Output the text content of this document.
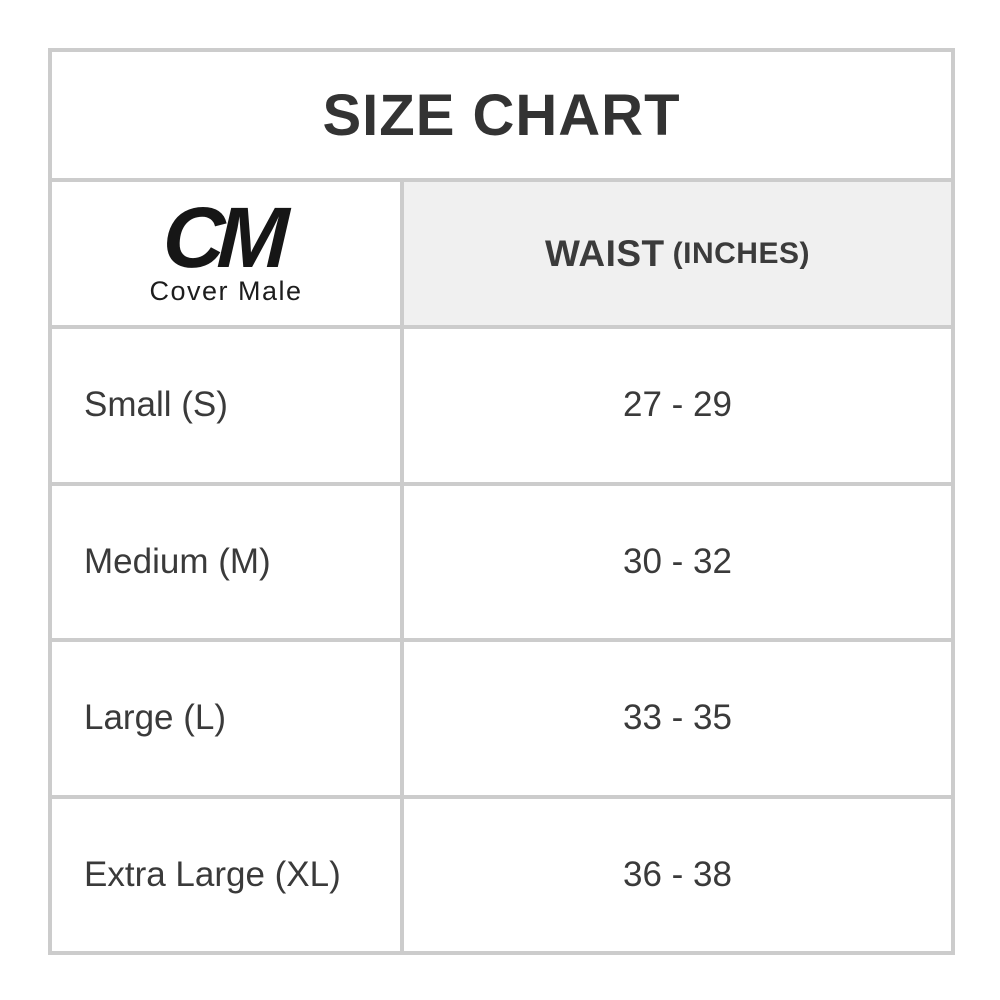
SIZE CHART
CM
Cover Male
WAIST (INCHES)
Small (S)	27 - 29
Medium (M)	30 - 32
Large (L)	33 - 35
Extra Large (XL)	36 - 38
